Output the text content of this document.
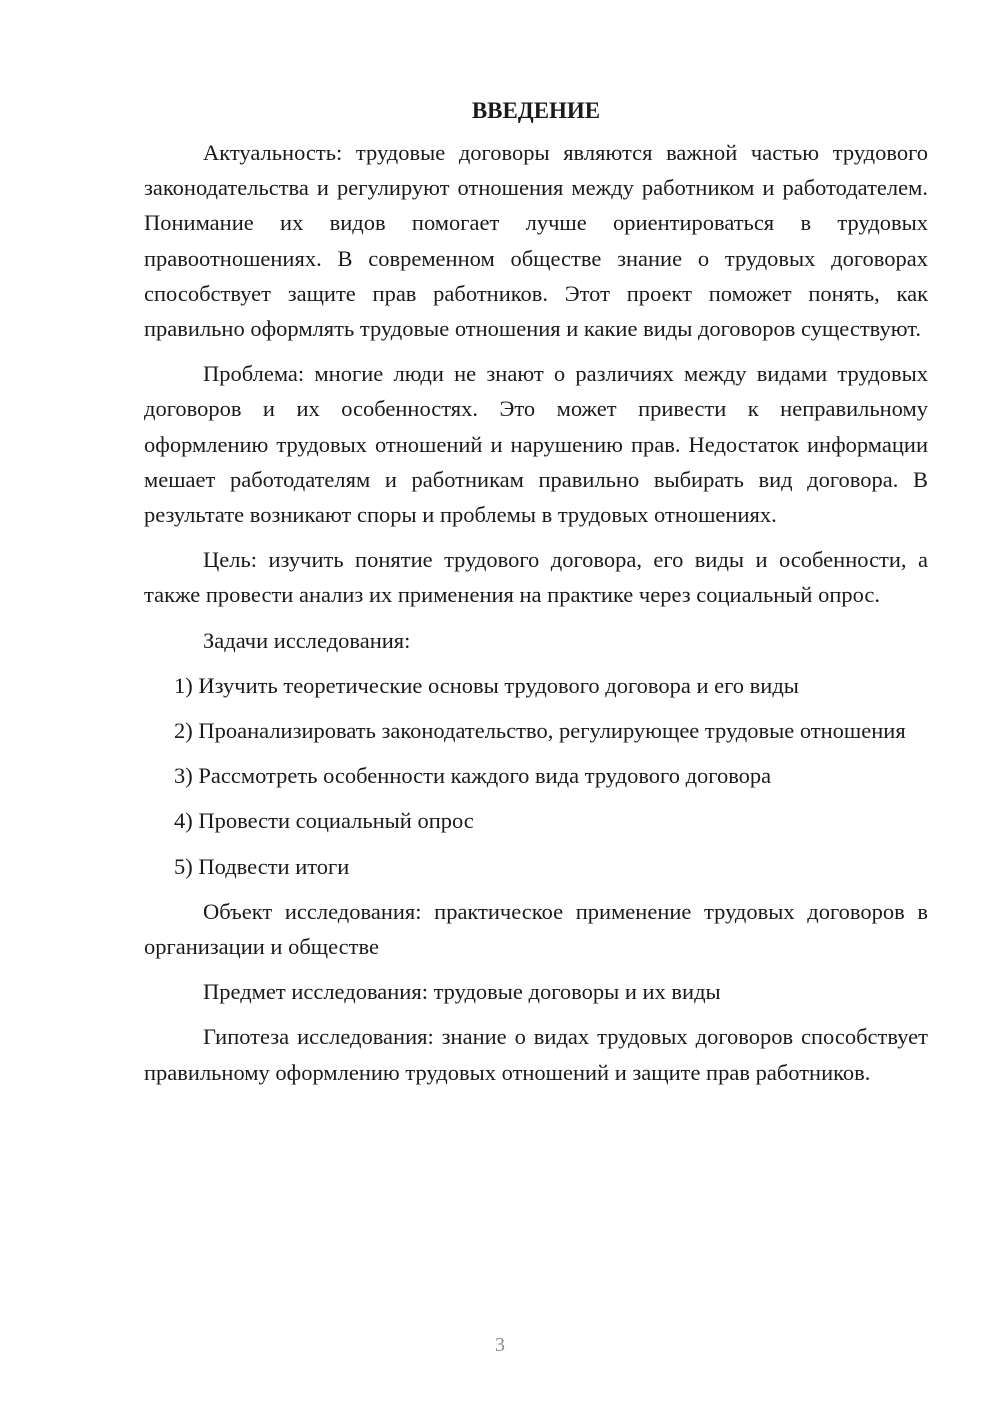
ВВЕДЕНИЕ

Актуальность: трудовые договоры являются важной частью трудового законодательства и регулируют отношения между работником и работодателем. Понимание их видов помогает лучше ориентироваться в трудовых правоотношениях. В современном обществе знание о трудовых договорах способствует защите прав работников. Этот проект поможет понять, как правильно оформлять трудовые отношения и какие виды договоров существуют.

Проблема: многие люди не знают о различиях между видами трудовых договоров и их особенностях. Это может привести к неправильному оформлению трудовых отношений и нарушению прав. Недостаток информации мешает работодателям и работникам правильно выбирать вид договора. В результате возникают споры и проблемы в трудовых отношениях.

Цель: изучить понятие трудового договора, его виды и особенности, а также провести анализ их применения на практике через социальный опрос.

Задачи исследования:

1) Изучить теоретические основы трудового договора и его виды

2) Проанализировать законодательство, регулирующее трудовые отношения

3) Рассмотреть особенности каждого вида трудового договора

4) Провести социальный опрос

5) Подвести итоги

Объект исследования: практическое применение трудовых договоров в организации и обществе

Предмет исследования: трудовые договоры и их виды

Гипотеза исследования: знание о видах трудовых договоров способствует правильному оформлению трудовых отношений и защите прав работников.

3
